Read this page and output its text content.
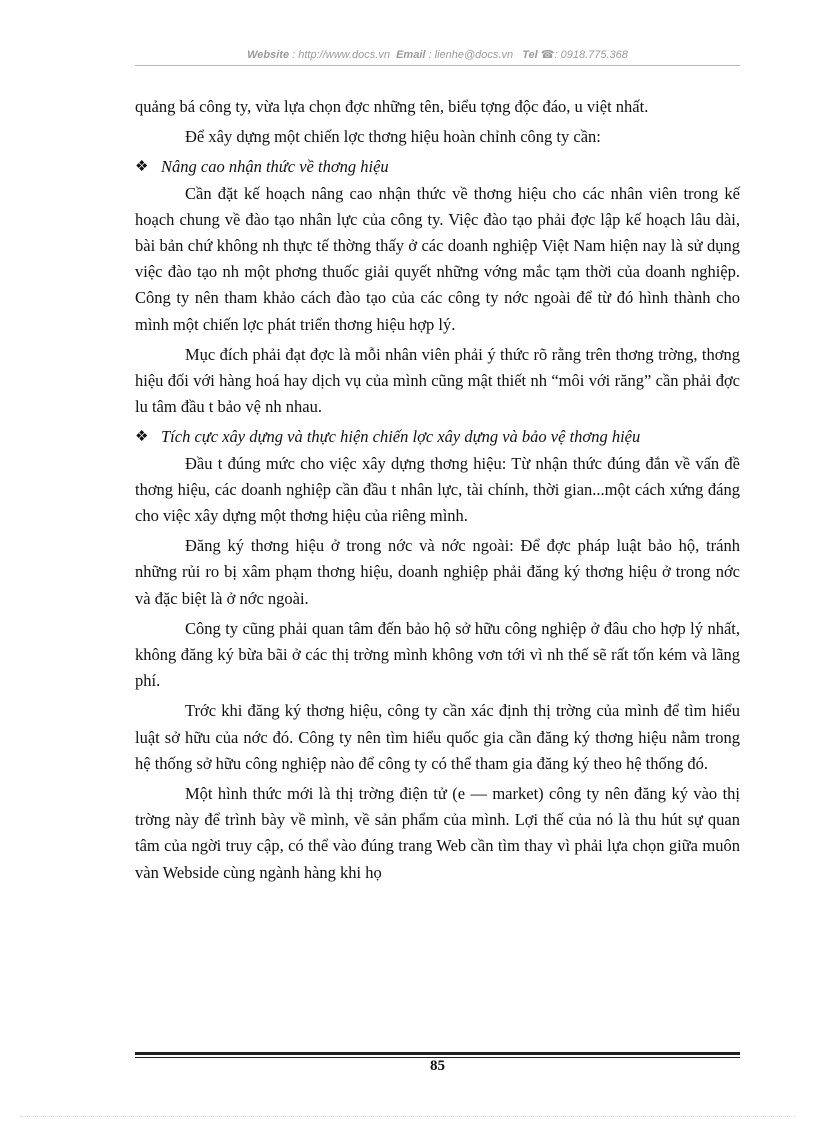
Website : http://www.docs.vn Email : lienhe@docs.vn Tel ☎: 0918.775.368

quảng bá công ty, vừa lựa chọn đợc những tên, biểu tợng độc đáo, u việt nhất.

Để xây dựng một chiến lợc thơng hiệu hoàn chỉnh công ty cần:

❖ Nâng cao nhận thức về thơng hiệu

Cần đặt kế hoạch nâng cao nhận thức về thơng hiệu cho các nhân viên trong kế hoạch chung về đào tạo nhân lực của công ty. Việc đào tạo phải đợc lập kế hoạch lâu dài, bài bản chứ không nh thực tế thờng thấy ở các doanh nghiệp Việt Nam hiện nay là sử dụng việc đào tạo nh một phơng thuốc giải quyết những vớng mắc tạm thời của doanh nghiệp. Công ty nên tham khảo cách đào tạo của các công ty nớc ngoài để từ đó hình thành cho mình một chiến lợc phát triển thơng hiệu hợp lý.

Mục đích phải đạt đợc là mỗi nhân viên phải ý thức rõ rằng trên thơng trờng, thơng hiệu đối với hàng hoá hay dịch vụ của mình cũng mật thiết nh “môi với răng” cần phải đợc lu tâm đầu t bảo vệ nh nhau.

❖ Tích cực xây dựng và thực hiện chiến lợc xây dựng và bảo vệ thơng hiệu

Đầu t đúng mức cho việc xây dựng thơng hiệu: Từ nhận thức đúng đắn về vấn đề thơng hiệu, các doanh nghiệp cần đầu t nhân lực, tài chính, thời gian...một cách xứng đáng cho việc xây dựng một thơng hiệu của riêng mình.

Đăng ký thơng hiệu ở trong nớc và nớc ngoài: Để đợc pháp luật bảo hộ, tránh những rủi ro bị xâm phạm thơng hiệu, doanh nghiệp phải đăng ký thơng hiệu ở trong nớc và đặc biệt là ở nớc ngoài.

Công ty cũng phải quan tâm đến bảo hộ sở hữu công nghiệp ở đâu cho hợp lý nhất, không đăng ký bừa bãi ở các thị trờng mình không vơn tới vì nh thế sẽ rất tốn kém và lãng phí.

Trớc khi đăng ký thơng hiệu, công ty cần xác định thị trờng của mình để tìm hiểu luật sở hữu của nớc đó. Công ty nên tìm hiểu quốc gia cần đăng ký thơng hiệu nằm trong hệ thống sở hữu công nghiệp nào để công ty có thể tham gia đăng ký theo hệ thống đó.

Một hình thức mới là thị trờng điện tử (e — market) công ty nên đăng ký vào thị trờng này để trình bày về mình, về sản phẩm của mình. Lợi thế của nó là thu hút sự quan tâm của ngời truy cập, có thể vào đúng trang Web cần tìm thay vì phải lựa chọn giữa muôn vàn Webside cùng ngành hàng khi họ

85
